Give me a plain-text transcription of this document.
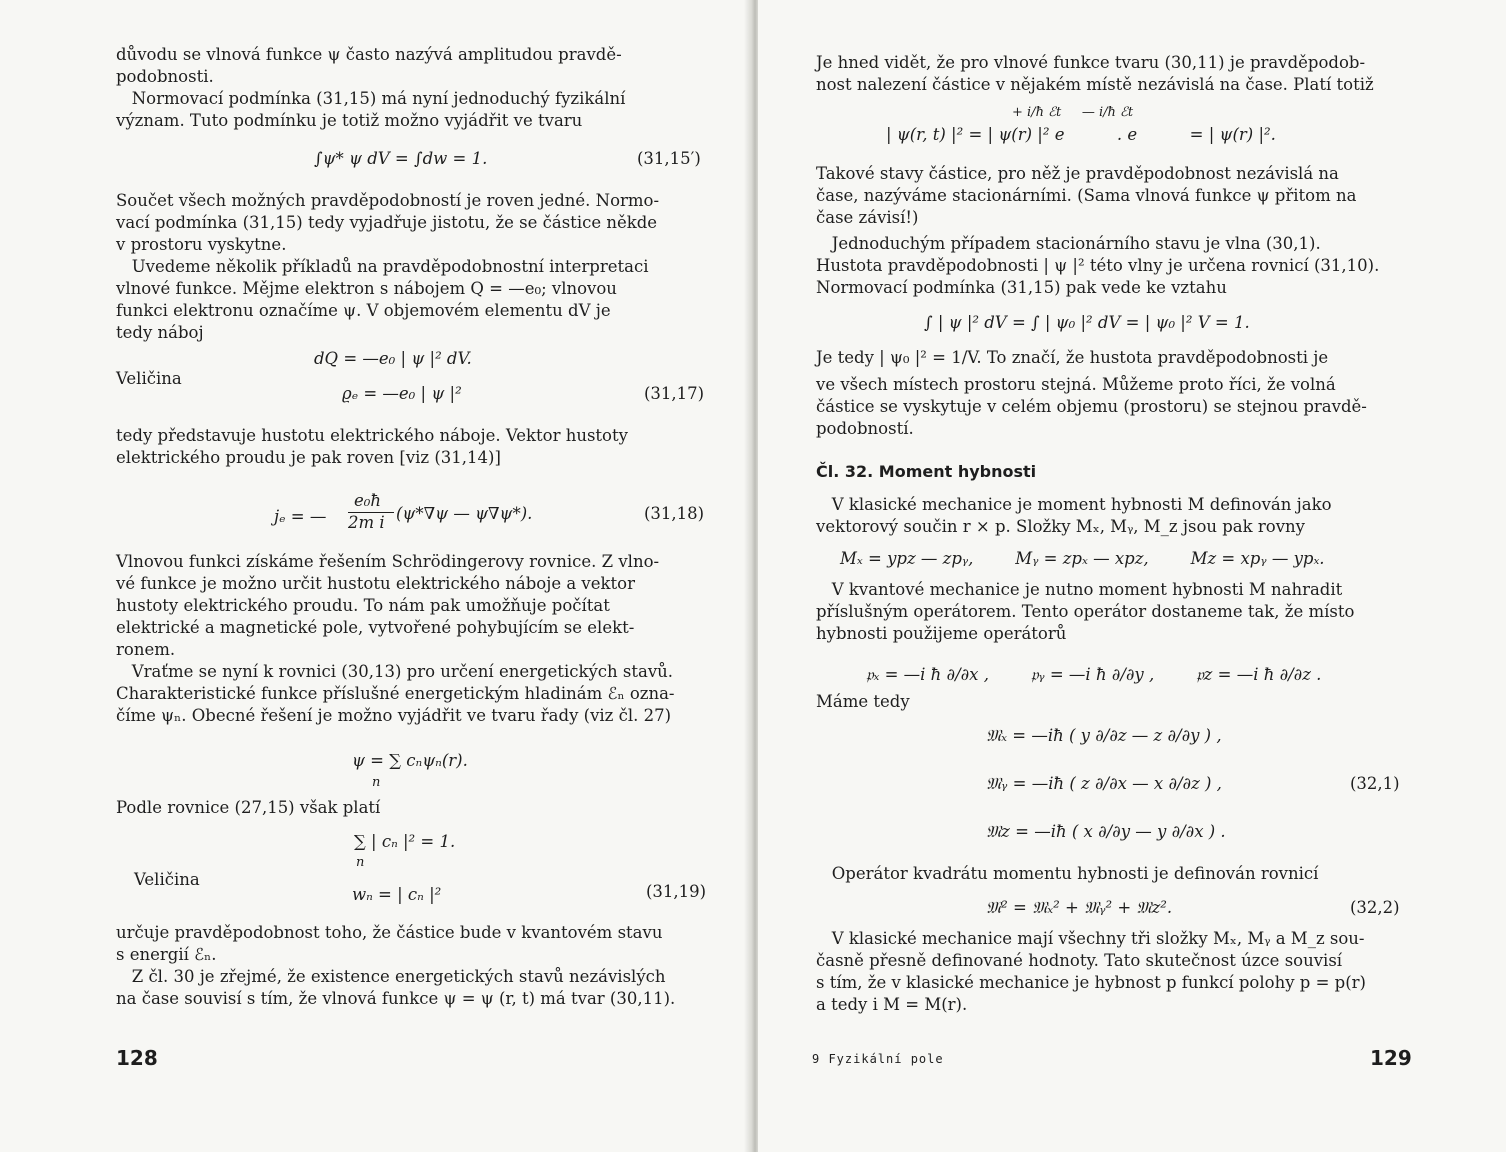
důvodu se vlnová funkce ψ často nazývá amplitudou pravdě-
podobnosti.
Normovací podmínka (31,15) má nyní jednoduchý fyzikální
význam. Tuto podmínku je totiž možno vyjádřit ve tvaru
∫ψ* ψ dV = ∫dw = 1.	(31,15′)
Součet všech možných pravděpodobností je roven jedné. Normo-
vací podmínka (31,15) tedy vyjadřuje jistotu, že se částice někde
v prostoru vyskytne.
Uvedeme několik příkladů na pravděpodobnostní interpretaci
vlnové funkce. Mějme elektron s nábojem Q = —e₀; vlnovou
funkci elektronu označíme ψ. V objemovém elementu dV je
tedy náboj
dQ = —e₀ | ψ |² dV.
Veličina
ϱₑ = —e₀ | ψ |²	(31,17)
tedy představuje hustotu elektrického náboje. Vektor hustoty
elektrického proudu je pak roven [viz (31,14)]
jₑ = —
e₀ħ
2m i (ψ*∇ψ — ψ∇ψ*).	(31,18)
Vlnovou funkci získáme řešením Schrödingerovy rovnice. Z vlno-
vé funkce je možno určit hustotu elektrického náboje a vektor
hustoty elektrického proudu. To nám pak umožňuje počítat
elektrické a magnetické pole, vytvořené pohybujícím se elekt-
ronem.
Vraťme se nyní k rovnici (30,13) pro určení energetických stavů.
Charakteristické funkce příslušné energetickým hladinám ℰₙ ozna-
číme ψₙ. Obecné řešení je možno vyjádřit ve tvaru řady (viz čl. 27)
ψ = ∑ cₙψₙ(r).
n
Podle rovnice (27,15) však platí
∑ | cₙ |² = 1.
n
Veličina
wₙ = | cₙ |²	(31,19)
určuje pravděpodobnost toho, že částice bude v kvantovém stavu
s energií ℰₙ.
Z čl. 30 je zřejmé, že existence energetických stavů nezávislých
na čase souvisí s tím, že vlnová funkce ψ = ψ (r, t) má tvar (30,11).
128
Je hned vidět, že pro vlnové funkce tvaru (30,11) je pravděpodob-
nost nalezení částice v nějakém místě nezávislá na čase. Platí totiž
+ i/ħ ℰt     — i/ħ ℰt
| ψ(r, t) |² = | ψ(r) |² e          . e          = | ψ(r) |².
Takové stavy částice, pro něž je pravděpodobnost nezávislá na
čase, nazýváme stacionárními. (Sama vlnová funkce ψ přitom na
čase závisí!)
Jednoduchým případem stacionárního stavu je vlna (30,1).
Hustota pravděpodobnosti | ψ |² této vlny je určena rovnicí (31,10).
Normovací podmínka (31,15) pak vede ke vztahu
∫ | ψ |² dV = ∫ | ψ₀ |² dV = | ψ₀ |² V = 1.
Je tedy | ψ₀ |² = 1/V. To značí, že hustota pravděpodobnosti je
ve všech místech prostoru stejná. Můžeme proto říci, že volná
částice se vyskytuje v celém objemu (prostoru) se stejnou pravdě-
podobností.
Čl. 32. Moment hybnosti
V klasické mechanice je moment hybnosti M definován jako
vektorový součin r × p. Složky Mₓ, Mᵧ, M_z jsou pak rovny
Mₓ = ypz — zpᵧ,        Mᵧ = zpₓ — xpz,        Mz = xpᵧ — ypₓ.
V kvantové mechanice je nutno moment hybnosti M nahradit
příslušným operátorem. Tento operátor dostaneme tak, že místo
hybnosti použijeme operátorů
𝔭ₓ = —i ħ ∂/∂x ,        𝔭ᵧ = —i ħ ∂/∂y ,        𝔭z = —i ħ ∂/∂z .
Máme tedy
𝔐ₓ = —iħ ( y ∂/∂z — z ∂/∂y ) ,
𝔐ᵧ = —iħ ( z ∂/∂x — x ∂/∂z ) ,	(32,1)
𝔐z = —iħ ( x ∂/∂y — y ∂/∂x ) .
Operátor kvadrátu momentu hybnosti je definován rovnicí
𝔐² = 𝔐ₓ² + 𝔐ᵧ² + 𝔐z².	(32,2)
V klasické mechanice mají všechny tři složky Mₓ, Mᵧ a M_z sou-
časně přesně definované hodnoty. Tato skutečnost úzce souvisí
s tím, že v klasické mechanice je hybnost p funkcí polohy p = p(r)
a tedy i M = M(r).
9 Fyzikální pole	129
